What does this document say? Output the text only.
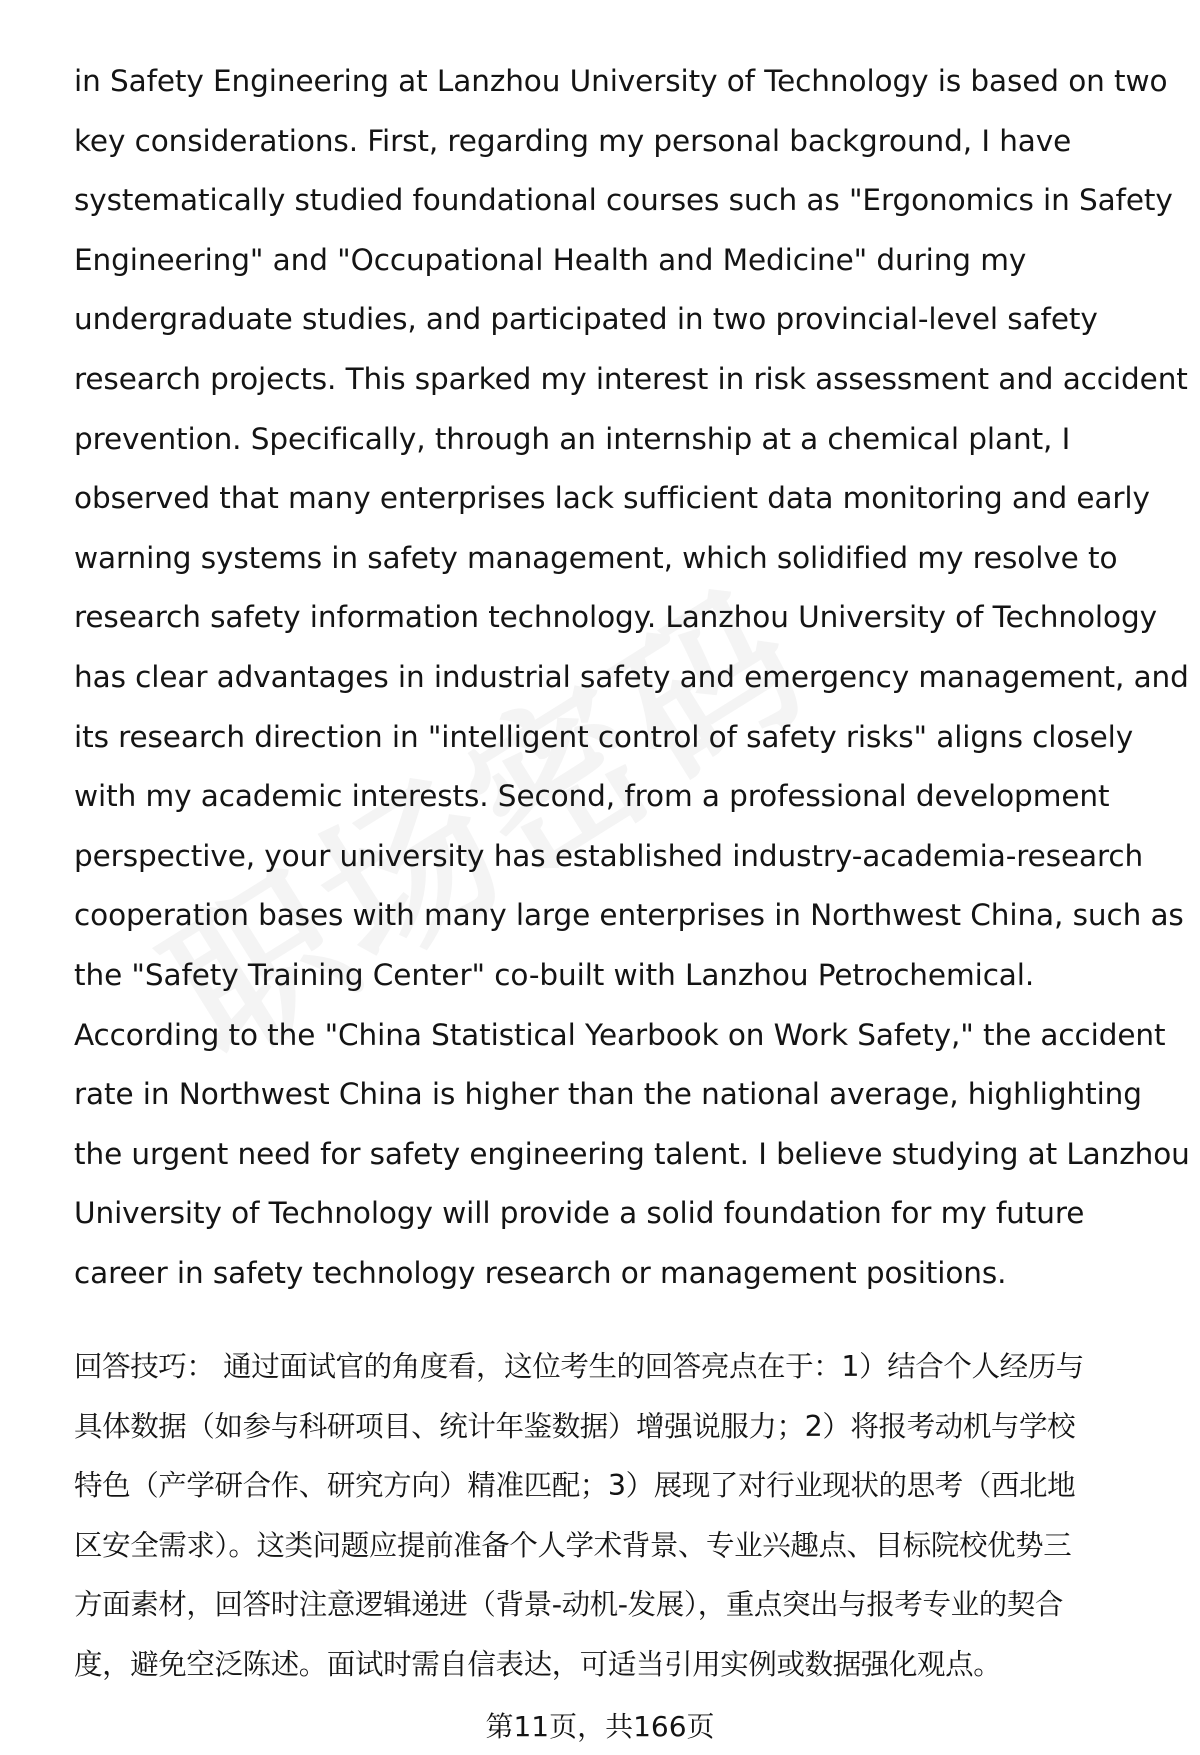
in Safety Engineering at Lanzhou University of Technology is based on two
key considerations. First, regarding my personal background, I have
systematically studied foundational courses such as "Ergonomics in Safety
Engineering" and "Occupational Health and Medicine" during my
undergraduate studies, and participated in two provincial-level safety
research projects. This sparked my interest in risk assessment and accident
prevention. Specifically, through an internship at a chemical plant, I
observed that many enterprises lack sufficient data monitoring and early
warning systems in safety management, which solidified my resolve to
research safety information technology. Lanzhou University of Technology
has clear advantages in industrial safety and emergency management, and
its research direction in "intelligent control of safety risks" aligns closely
with my academic interests. Second, from a professional development
perspective, your university has established industry-academia-research
cooperation bases with many large enterprises in Northwest China, such as
the "Safety Training Center" co-built with Lanzhou Petrochemical.
According to the "China Statistical Yearbook on Work Safety," the accident
rate in Northwest China is higher than the national average, highlighting
the urgent need for safety engineering talent. I believe studying at Lanzhou
University of Technology will provide a solid foundation for my future
career in safety technology research or management positions.
回答技巧： 通过面试官的角度看，这位考生的回答亮点在于：1）结合个人经历与
具体数据（如参与科研项目、统计年鉴数据）增强说服力；2）将报考动机与学校
特色（产学研合作、研究方向）精准匹配；3）展现了对行业现状的思考（西北地
区安全需求）。这类问题应提前准备个人学术背景、专业兴趣点、目标院校优势三
方面素材，回答时注意逻辑递进（背景-动机-发展），重点突出与报考专业的契合
度，避免空泛陈述。面试时需自信表达，可适当引用实例或数据强化观点。
第11页，共166页
